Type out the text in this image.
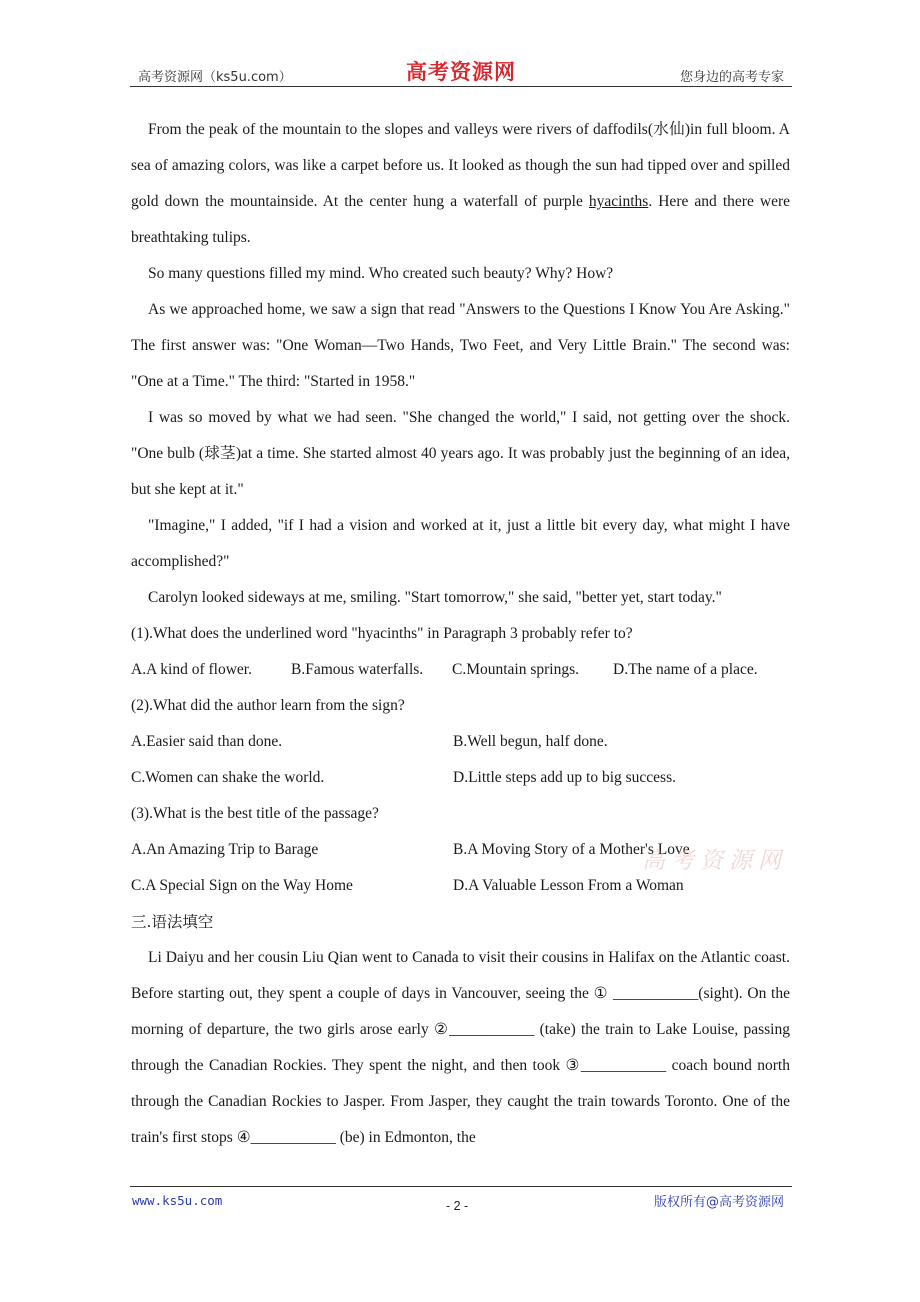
高考资源网（ks5u.com）	高考资源网	您身边的高考专家

From the peak of the mountain to the slopes and valleys were rivers of daffodils(水仙)in full bloom. A sea of amazing colors, was like a carpet before us. It looked as though the sun had tipped over and spilled gold down the mountainside. At the center hung a waterfall of purple hyacinths. Here and there were breathtaking tulips.

So many questions filled my mind. Who created such beauty? Why? How?

As we approached home, we saw a sign that read "Answers to the Questions I Know You Are Asking." The first answer was: "One Woman—Two Hands, Two Feet, and Very Little Brain." The second was: "One at a Time." The third: "Started in 1958."

I was so moved by what we had seen. "She changed the world," I said, not getting over the shock. "One bulb (球茎)at a time. She started almost 40 years ago. It was probably just the beginning of an idea, but she kept at it."

"Imagine," I added, "if I had a vision and worked at it, just a little bit every day, what might I have accomplished?"

Carolyn looked sideways at me, smiling. "Start tomorrow," she said, "better yet, start today."

(1).What does the underlined word "hyacinths" in Paragraph 3 probably refer to?

A.A kind of flower.	B.Famous waterfalls.	C.Mountain springs.	D.The name of a place.

(2).What did the author learn from the sign?

A.Easier said than done.	B.Well begun, half done.
C.Women can shake the world.	D.Little steps add up to big success.

(3).What is the best title of the passage?

A.An Amazing Trip to Barage	B.A Moving Story of a Mother's Love
C.A Special Sign on the Way Home	D.A Valuable Lesson From a Woman
三.语法填空

Li Daiyu and her cousin Liu Qian went to Canada to visit their cousins in Halifax on the Atlantic coast. Before starting out, they spent a couple of days in Vancouver, seeing the ① ___________(sight). On the morning of departure, the two girls arose early ②___________ (take) the train to Lake Louise, passing through the Canadian Rockies. They spent the night, and then took ③___________ coach bound north through the Canadian Rockies to Jasper. From Jasper, they caught the train towards Toronto. One of the train's first stops ④___________ (be) in Edmonton, the

高考资源网
www.ks5u.com	- 2 -	版权所有@高考资源网
